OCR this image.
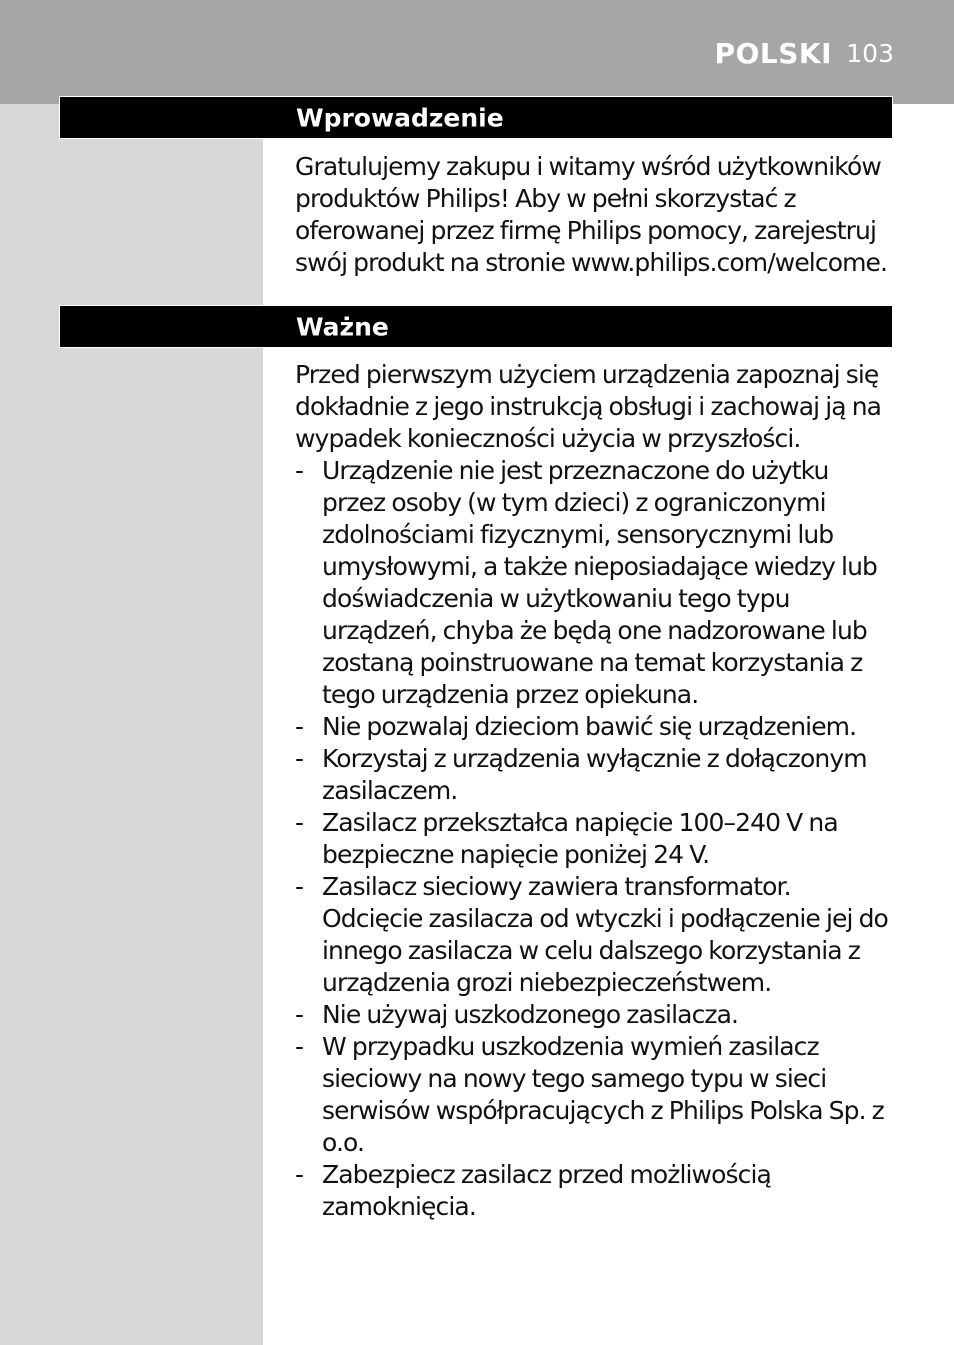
POLSKI 103
Wprowadzenie

Gratulujemy zakupu i witamy wśród użytkowników produktów Philips! Aby w pełni skorzystać z oferowanej przez firmę Philips pomocy, zarejestruj swój produkt na stronie www.philips.com/welcome.

Ważne

Przed pierwszym użyciem urządzenia zapoznaj się dokładnie z jego instrukcją obsługi i zachowaj ją na wypadek konieczności użycia w przyszłości.

- Urządzenie nie jest przeznaczone do użytku przez osoby (w tym dzieci) z ograniczonymi zdolnościami fizycznymi, sensorycznymi lub umysłowymi, a także nieposiadające wiedzy lub doświadczenia w użytkowaniu tego typu urządzeń, chyba że będą one nadzorowane lub zostaną poinstruowane na temat korzystania z tego urządzenia przez opiekuna.
- Nie pozwalaj dzieciom bawić się urządzeniem.
- Korzystaj z urządzenia wyłącznie z dołączonym zasilaczem.
- Zasilacz przekształca napięcie 100–240 V na bezpieczne napięcie poniżej 24 V.
- Zasilacz sieciowy zawiera transformator. Odcięcie zasilacza od wtyczki i podłączenie jej do innego zasilacza w celu dalszego korzystania z urządzenia grozi niebezpieczeństwem.
- Nie używaj uszkodzonego zasilacza.
- W przypadku uszkodzenia wymień zasilacz sieciowy na nowy tego samego typu w sieci serwisów współpracujących z Philips Polska Sp. z o.o.
- Zabezpiecz zasilacz przed możliwością zamoknięcia.
